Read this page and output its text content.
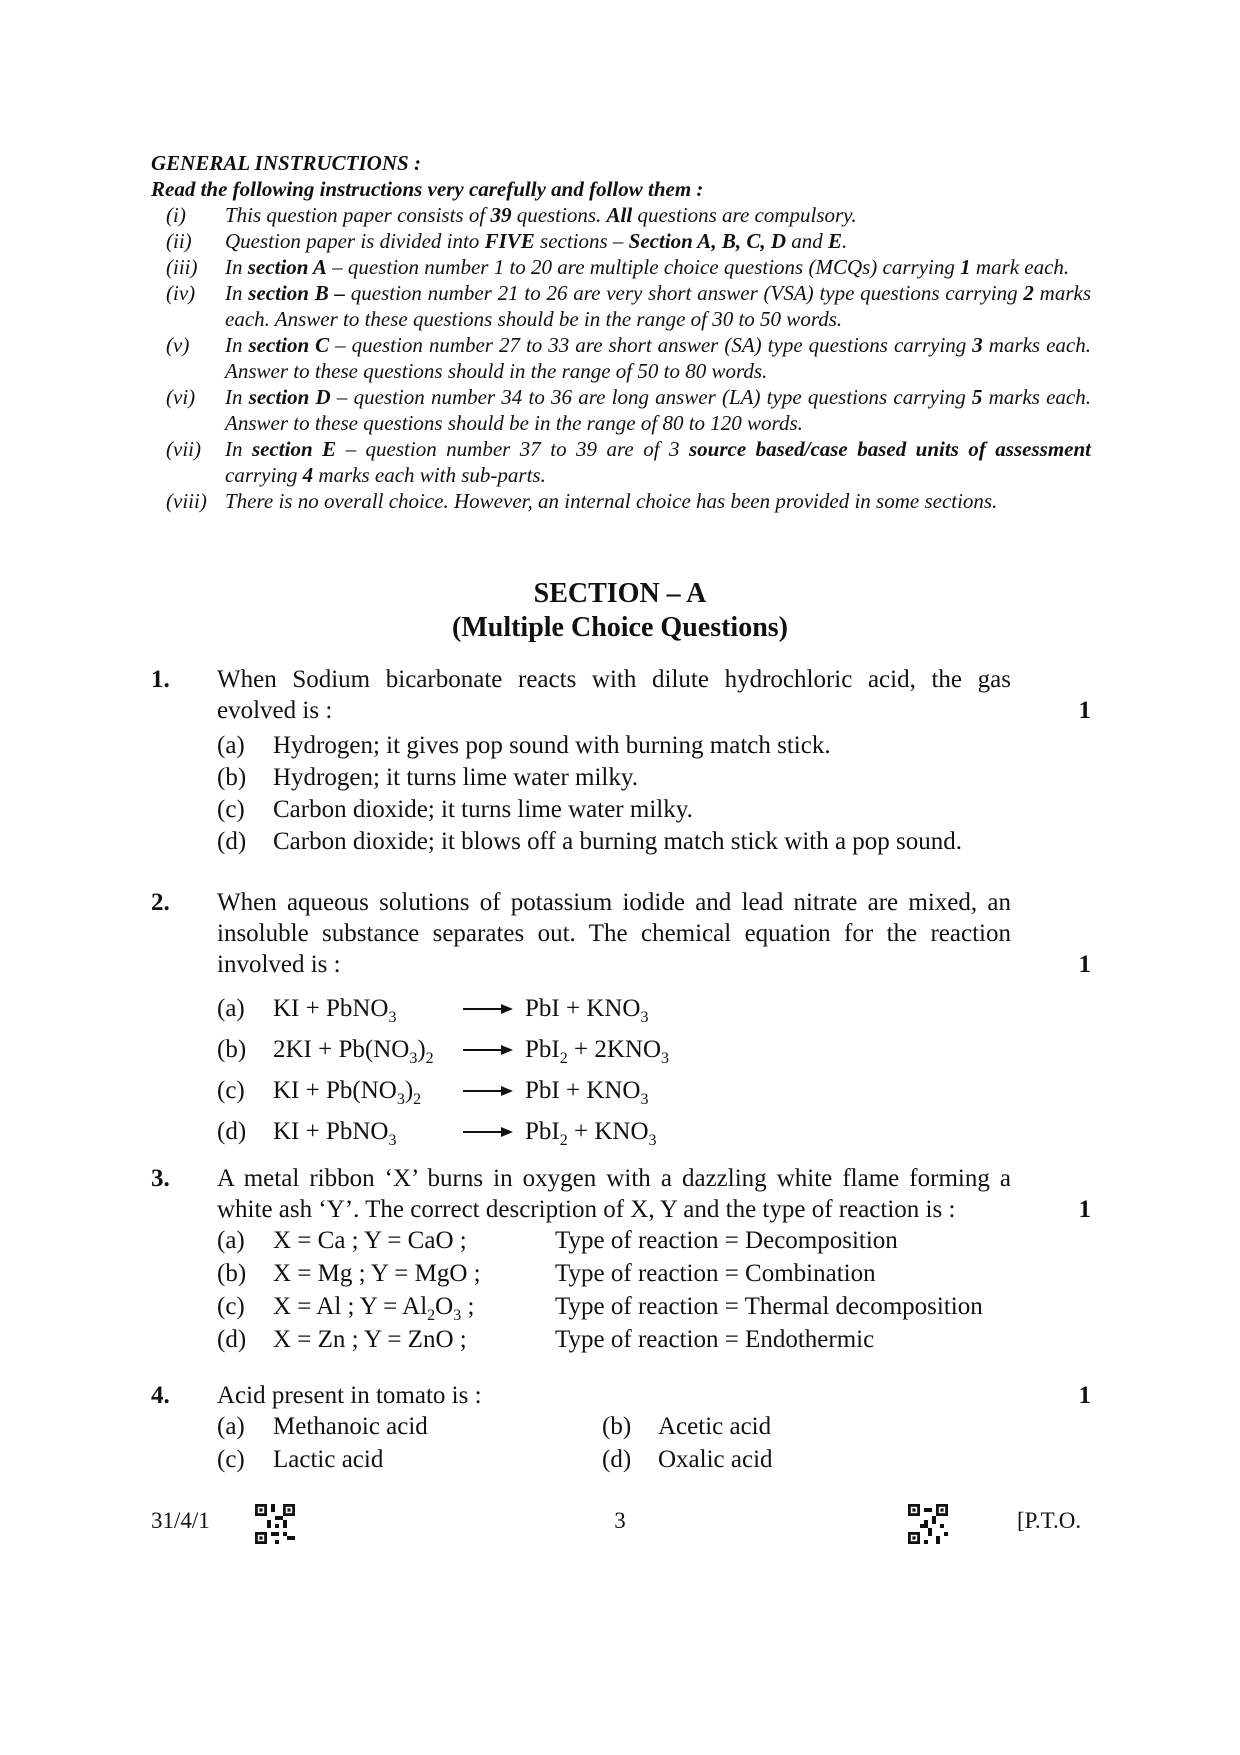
GENERAL INSTRUCTIONS :
Read the following instructions very carefully and follow them :
(i)	This question paper consists of 39 questions. All questions are compulsory.
(ii)	Question paper is divided into FIVE sections – Section A, B, C, D and E.
(iii)	In section A – question number 1 to 20 are multiple choice questions (MCQs) carrying 1 mark each.
(iv)	In section B – question number 21 to 26 are very short answer (VSA) type questions carrying 2 marks each. Answer to these questions should be in the range of 30 to 50 words.
(v)	In section C – question number 27 to 33 are short answer (SA) type questions carrying 3 marks each. Answer to these questions should in the range of 50 to 80 words.
(vi)	In section D – question number 34 to 36 are long answer (LA) type questions carrying 5 marks each. Answer to these questions should be in the range of 80 to 120 words.
(vii)	In section E – question number 37 to 39 are of 3 source based/case based units of assessment carrying 4 marks each with sub-parts.
(viii) There is no overall choice. However, an internal choice has been provided in some sections.
SECTION – A
(Multiple Choice Questions)
1.	When Sodium bicarbonate reacts with dilute hydrochloric acid, the gas evolved is :	1
(a)	Hydrogen; it gives pop sound with burning match stick.
(b)	Hydrogen; it turns lime water milky.
(c)	Carbon dioxide; it turns lime water milky.
(d)	Carbon dioxide; it blows off a burning match stick with a pop sound.
2.	When aqueous solutions of potassium iodide and lead nitrate are mixed, an insoluble substance separates out. The chemical equation for the reaction involved is :	1
(a)	KI + PbNO$_3$ → PbI + $KNO_3$
(b)	$2KI + Pb(NO_3)_2 \to PbI_2 + 2KNO_3$
(c)	KI + $Pb(NO_3)_2$ → PbI + $KNO_3$
(d)	KI + PbNO$_3$ → $PbI_2 + KNO_3$
3.	A metal ribbon ‘X’ burns in oxygen with a dazzling white flame forming a white ash ‘Y’. The correct description of X, Y and the type of reaction is :	1
(a)	X = Ca ; Y = CaO ;	Type of reaction = Decomposition
(b)	X = Mg ; Y = MgO ;	Type of reaction = Combination
(c)	X = Al ; $Y = Al_2O_3$ ;	Type of reaction = Thermal decomposition
(d)	X = Zn ; Y = ZnO ;	Type of reaction = Endothermic
4.	Acid present in tomato is :	1
(a)	Methanoic acid	(b)	Acetic acid
(c)	Lactic acid	(d)	Oxalic acid
31/4/1	3	[P.T.O.
